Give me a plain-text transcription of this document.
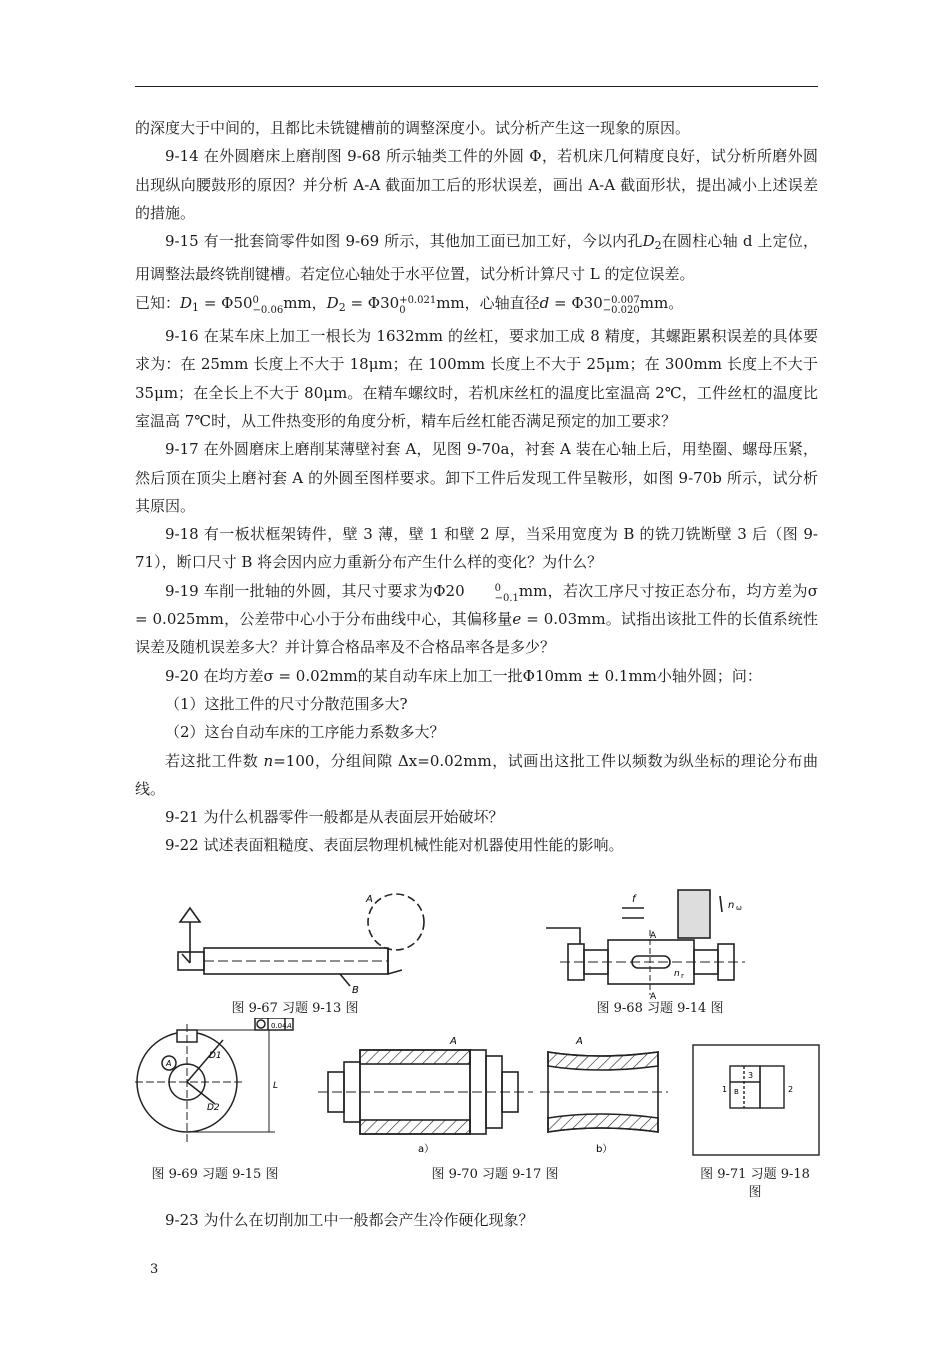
的深度大于中间的，且都比未铣键槽前的调整深度小。试分析产生这一现象的原因。

9-14 在外圆磨床上磨削图 9-68 所示轴类工件的外圆 Φ，若机床几何精度良好，试分析所磨外圆出现纵向腰鼓形的原因？并分析 A-A 截面加工后的形状误差，画出 A-A 截面形状，提出减小上述误差的措施。

9-15 有一批套筒零件如图 9-69 所示，其他加工面已加工好，今以内孔$D_2$在圆柱心轴 d 上定位，用调整法最终铣削键槽。若定位心轴处于水平位置，试分析计算尺寸 L 的定位误差。

已知：$D_1 = \Phi 50$ 0
−0.06 mm，$D_2 = \Phi 30 +0.021$
0	mm，心轴直径d = Φ30 −0.007
−0.020 mm。

9-16 在某车床上加工一根长为 1632mm 的丝杠，要求加工成 8 精度，其螺距累积误差的具体要求为：在 25mm 长度上不大于 18μm；在 100mm 长度上不大于 25μm；在 300mm 长度上不大于 35μm；在全长上不大于 80μm。在精车螺纹时，若机床丝杠的温度比室温高 2℃，工件丝杠的温度比室温高 7℃时，从工件热变形的角度分析，精车后丝杠能否满足预定的加工要求？

9-17 在外圆磨床上磨削某薄壁衬套 A，见图 9-70a，衬套 A 装在心轴上后，用垫圈、螺母压紧，然后顶在顶尖上磨衬套 A 的外圆至图样要求。卸下工件后发现工件呈鞍形，如图 9-70b 所示，试分析其原因。

9-18 有一板状框架铸件，壁 3 薄，壁 1 和壁 2 厚，当采用宽度为 B 的铣刀铣断壁 3 后（图 9-71），断口尺寸 B 将会因内应力重新分布产生什么样的变化？为什么？

9-19 车削一批轴的外圆，其尺寸要求为Φ20	0
−0.1 mm，若次工序尺寸按正态分布，均方差为σ = 0.025mm，公差带中心小于分布曲线中心，其偏移量e = 0.03mm。试指出该批工件的长值系统性误差及随机误差多大？并计算合格品率及不合格品率各是多少？

9-20 在均方差σ = 0.02mm的某自动车床上加工一批Φ10mm ± 0.1mm小轴外圆；问：

（1）这批工件的尺寸分散范围多大?

（2）这台自动车床的工序能力系数多大？

若这批工件数 n=100，分组间隙 Δx=0.02mm，试画出这批工件以频数为纵坐标的理论分布曲线。

9-21 为什么机器零件一般都是从表面层开始破坏？

9-22 试述表面粗糙度、表面层物理机械性能对机器使用性能的影响。

A
B
图 9-67 习题 9-13 图
f
n ω
n r
A
A
图 9-68 习题 9-14 图
0.04 A
A
D1
D2
L
图 9-69 习题 9-15 图
A	A
a）	b）
图 9-70 习题 9-17 图
1	2
3
B
图 9-71 习题 9-18
图

9-23 为什么在切削加工中一般都会产生冷作硬化现象？

3
